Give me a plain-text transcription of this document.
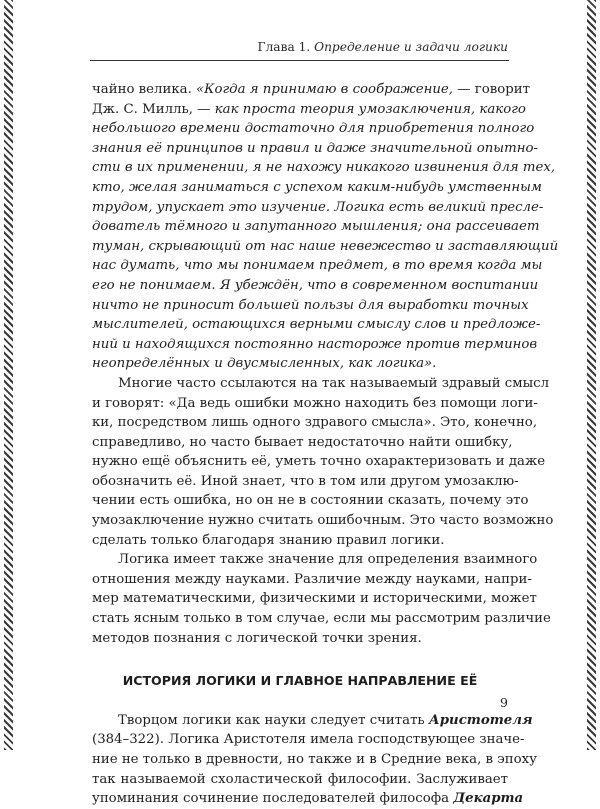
Глава 1. Определение и задачи логики
чайно велика. «Когда я принимаю в соображение, — говорит
Дж. С. Милль, — как проста теория умозаключения, какого
небольшого времени достаточно для приобретения полного
знания её принципов и правил и даже значительной опытно-
сти в их применении, я не нахожу никакого извинения для тех,
кто, желая заниматься с успехом каким-нибудь умственным
трудом, упускает это изучение. Логика есть великий пресле-
дователь тёмного и запутанного мышления; она рассеивает
туман, скрывающий от нас наше невежество и заставляющий
нас думать, что мы понимаем предмет, в то время когда мы
его не понимаем. Я убеждён, что в современном воспитании
ничто не приносит большей пользы для выработки точных
мыслителей, остающихся верными смыслу слов и предложе-
ний и находящихся постоянно настороже против терминов
неопределённых и двусмысленных, как логика».
Многие часто ссылаются на так называемый здравый смысл
и говорят: «Да ведь ошибки можно находить без помощи логи-
ки, посредством лишь одного здравого смысла». Это, конечно,
справедливо, но часто бывает недостаточно найти ошибку,
нужно ещё объяснить её, уметь точно охарактеризовать и даже
обозначить её. Иной знает, что в том или другом умозаклю-
чении есть ошибка, но он не в состоянии сказать, почему это
умозаключение нужно считать ошибочным. Это часто возможно
сделать только благодаря знанию правил логики.
Логика имеет также значение для определения взаимного
отношения между науками. Различие между науками, напри-
мер математическими, физическими и историческими, может
стать ясным только в том случае, если мы рассмотрим различие
методов познания с логической точки зрения.
ИСТОРИЯ ЛОГИКИ И ГЛАВНОЕ НАПРАВЛЕНИЕ ЕЁ
Творцом логики как науки следует считать Аристотеля
(384–322). Логика Аристотеля имела господствующее значе-
ние не только в древности, но также и в Средние века, в эпоху
так называемой схоластической философии. Заслуживает
упоминания сочинение последователей философа Декарта
9
